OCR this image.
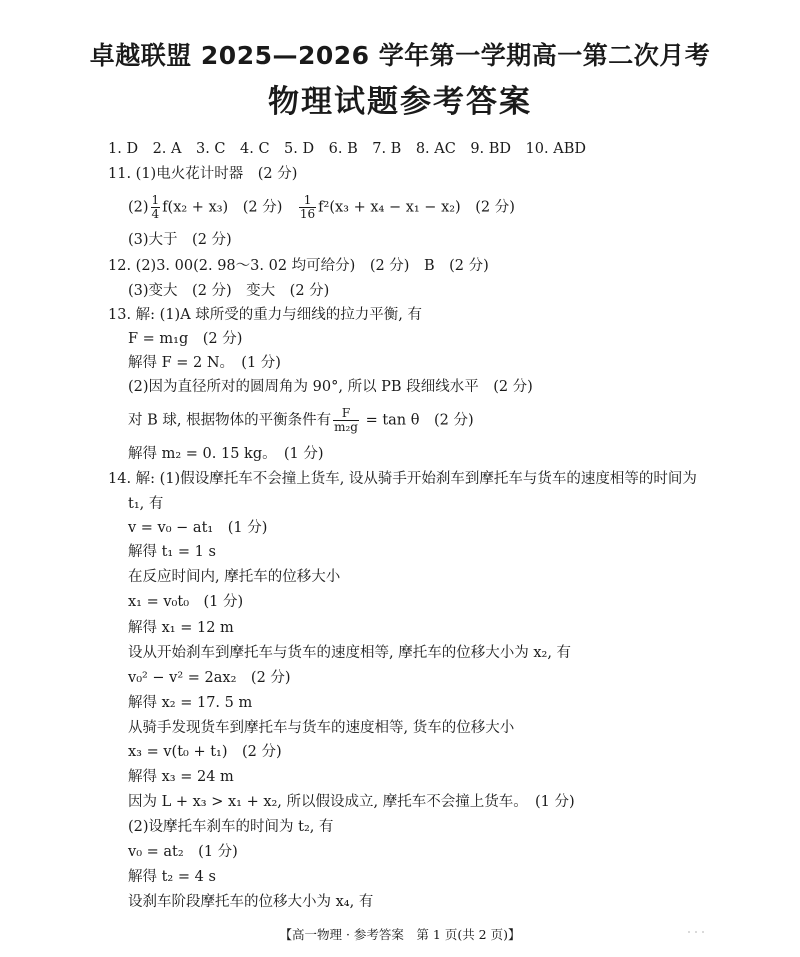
卓越联盟 2025—2026 学年第一学期高一第二次月考
物理试题参考答案
1. D　2. A　3. C　4. C　5. D　6. B　7. B　8. AC　9. BD　10. ABD
11. (1)电火花计时器　(2 分)
$(2) \frac{1}{4} f(x_2 + x_3)$　(2 分)　 $\frac{1}{16} f^2(x_3 + x_4 - x_1 - x_2)$　(2 分)
(3)大于　(2 分)
12. (2)3. 00(2. 98～3. 02 均可给分)　(2 分)　B　(2 分)
(3)变大　(2 分)　变大　(2 分)
13. 解: (1)A 球所受的重力与细线的拉力平衡, 有
F = m₁g　(2 分)
解得 F = 2 N。　(1 分)
(2)因为直径所对的圆周角为 90°, 所以 PB 段细线水平　(2 分)
对 B 球, 根据物体的平衡条件有 $\frac{F}{\text{m₂g}} = \tan \theta$　(2 分)
解得 m₂ = 0. 15 kg。　(1 分)
14. 解: (1)假设摩托车不会撞上货车, 设从骑手开始刹车到摩托车与货车的速度相等的时间为
t₁, 有
v = v₀ − at₁　(1 分)
解得 t₁ = 1 s
在反应时间内, 摩托车的位移大小
x₁ = v₀t₀　(1 分)
解得 x₁ = 12 m
设从开始刹车到摩托车与货车的速度相等, 摩托车的位移大小为 x₂, 有
v₀² − v² = 2ax₂　(2 分)
解得 x₂ = 17. 5 m
从骑手发现货车到摩托车与货车的速度相等, 货车的位移大小
x₃ = v(t₀ + t₁)　(2 分)
解得 x₃ = 24 m
因为 L + x₃ > x₁ + x₂, 所以假设成立, 摩托车不会撞上货车。　(1 分)
(2)设摩托车刹车的时间为 t₂, 有
v₀ = at₂　(1 分)
解得 t₂ = 4 s
设刹车阶段摩托车的位移大小为 x₄, 有
【高一物理 · 参考答案　第 1 页(共 2 页)】
